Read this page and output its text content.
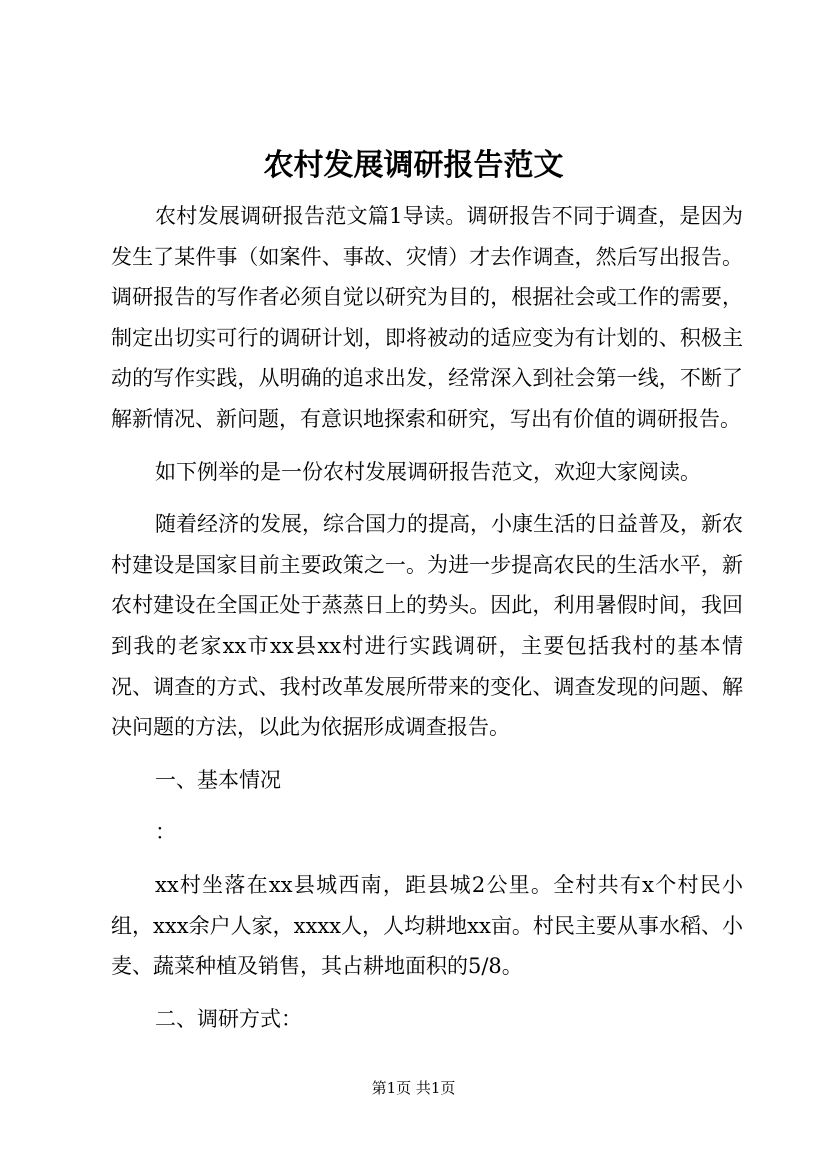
农村发展调研报告范文

农村发展调研报告范文篇1导读。调研报告不同于调查，是因为发生了某件事（如案件、事故、灾情）才去作调查，然后写出报告。调研报告的写作者必须自觉以研究为目的，根据社会或工作的需要，制定出切实可行的调研计划，即将被动的适应变为有计划的、积极主动的写作实践，从明确的追求出发，经常深入到社会第一线，不断了解新情况、新问题，有意识地探索和研究，写出有价值的调研报告。

如下例举的是一份农村发展调研报告范文，欢迎大家阅读。

随着经济的发展，综合国力的提高，小康生活的日益普及，新农村建设是国家目前主要政策之一。为进一步提高农民的生活水平，新农村建设在全国正处于蒸蒸日上的势头。因此，利用暑假时间，我回到我的老家xx市xx县xx村进行实践调研，主要包括我村的基本情况、调查的方式、我村改革发展所带来的变化、调查发现的问题、解决问题的方法，以此为依据形成调查报告。

一、基本情况

：

xx村坐落在xx县城西南，距县城2公里。全村共有x个村民小组，xxx余户人家，xxxx人，人均耕地xx亩。村民主要从事水稻、小麦、蔬菜种植及销售，其占耕地面积的5/8。

二、调研方式：

第1页 共1页
